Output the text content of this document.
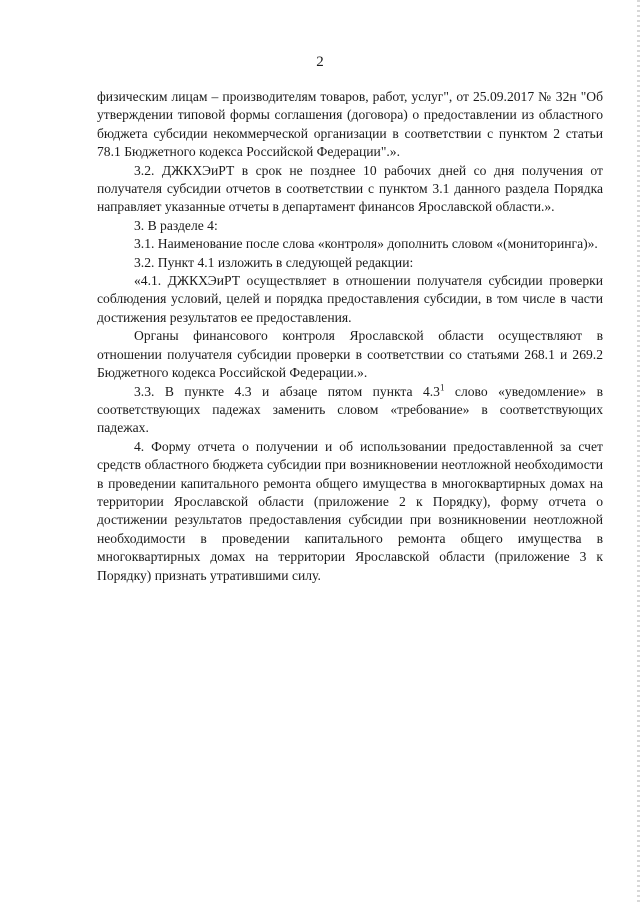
2

физическим лицам – производителям товаров, работ, услуг", от 25.09.2017 № 32н "Об утверждении типовой формы соглашения (договора) о предоставлении из областного бюджета субсидии некоммерческой организации в соответствии с пунктом 2 статьи 78.1 Бюджетного кодекса Российской Федерации".».

3.2. ДЖКХЭиРТ в срок не позднее 10 рабочих дней со дня получения от получателя субсидии отчетов в соответствии с пунктом 3.1 данного раздела Порядка направляет указанные отчеты в департамент финансов Ярославской области.».

3. В разделе 4:

3.1. Наименование после слова «контроля» дополнить словом «(мониторинга)».

3.2. Пункт 4.1 изложить в следующей редакции:

«4.1. ДЖКХЭиРТ осуществляет в отношении получателя субсидии проверки соблюдения условий, целей и порядка предоставления субсидии, в том числе в части достижения результатов ее предоставления.

Органы финансового контроля Ярославской области осуществляют в отношении получателя субсидии проверки в соответствии со статьями 268.1 и 269.2 Бюджетного кодекса Российской Федерации.».

3.3. В пункте 4.3 и абзаце пятом пункта $4.3^1$ слово «уведомление» в соответствующих падежах заменить словом «требование» в соответствующих падежах.

4. Форму отчета о получении и об использовании предоставленной за счет средств областного бюджета субсидии при возникновении неотложной необходимости в проведении капитального ремонта общего имущества в многоквартирных домах на территории Ярославской области (приложение 2 к Порядку), форму отчета о достижении результатов предоставления субсидии при возникновении неотложной необходимости в проведении капитального ремонта общего имущества в многоквартирных домах на территории Ярославской области (приложение 3 к Порядку) признать утратившими силу.
